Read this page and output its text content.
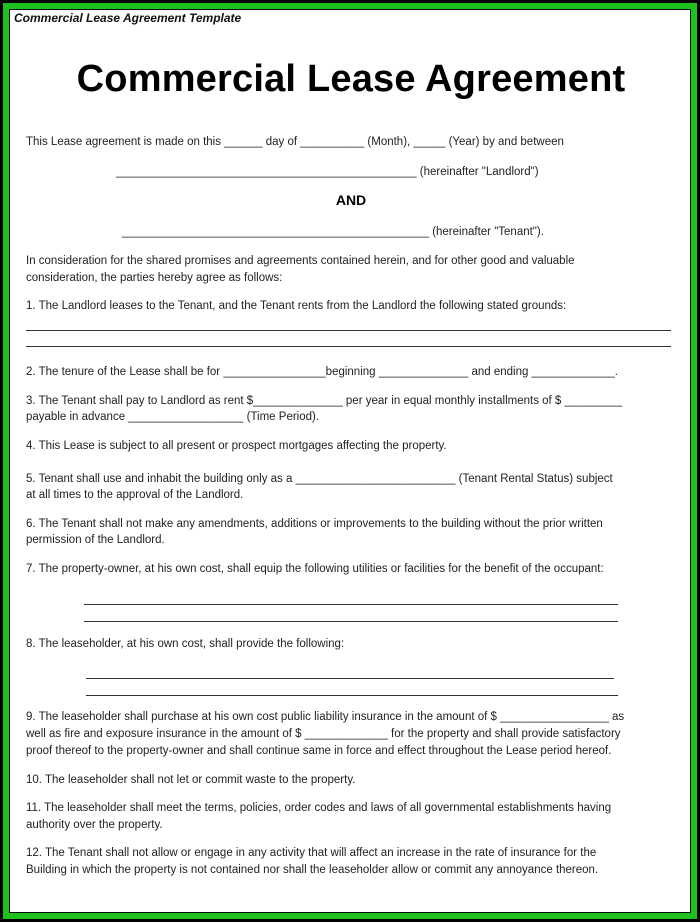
Commercial Lease Agreement Template
Commercial Lease Agreement
This Lease agreement is made on this ______ day of __________ (Month), _____ (Year) by and between
_______________________________________________ (hereinafter "Landlord")
AND
________________________________________________ (hereinafter "Tenant").
In consideration for the shared promises and agreements contained herein, and for other good and valuable
consideration, the parties hereby agree as follows:
1. The Landlord leases to the Tenant, and the Tenant rents from the Landlord the following stated grounds:
2. The tenure of the Lease shall be for ________________beginning ______________ and ending _____________.
3. The Tenant shall pay to Landlord as rent $______________ per year in equal monthly installments of $ _________
payable in advance __________________ (Time Period).
4. This Lease is subject to all present or prospect mortgages affecting the property.
5. Tenant shall use and inhabit the building only as a _________________________ (Tenant Rental Status) subject
at all times to the approval of the Landlord.
6. The Tenant shall not make any amendments, additions or improvements to the building without the prior written
permission of the Landlord.
7. The property-owner, at his own cost, shall equip the following utilities or facilities for the benefit of the occupant:
8. The leaseholder, at his own cost, shall provide the following:
9. The leaseholder shall purchase at his own cost public liability insurance in the amount of $ _________________ as
well as fire and exposure insurance in the amount of $ _____________ for the property and shall provide satisfactory
proof thereof to the property-owner and shall continue same in force and effect throughout the Lease period hereof.
10. The leaseholder shall not let or commit waste to the property.
11. The leaseholder shall meet the terms, policies, order codes and laws of all governmental establishments having
authority over the property.
12. The Tenant shall not allow or engage in any activity that will affect an increase in the rate of insurance for the
Building in which the property is not contained nor shall the leaseholder allow or commit any annoyance thereon.
